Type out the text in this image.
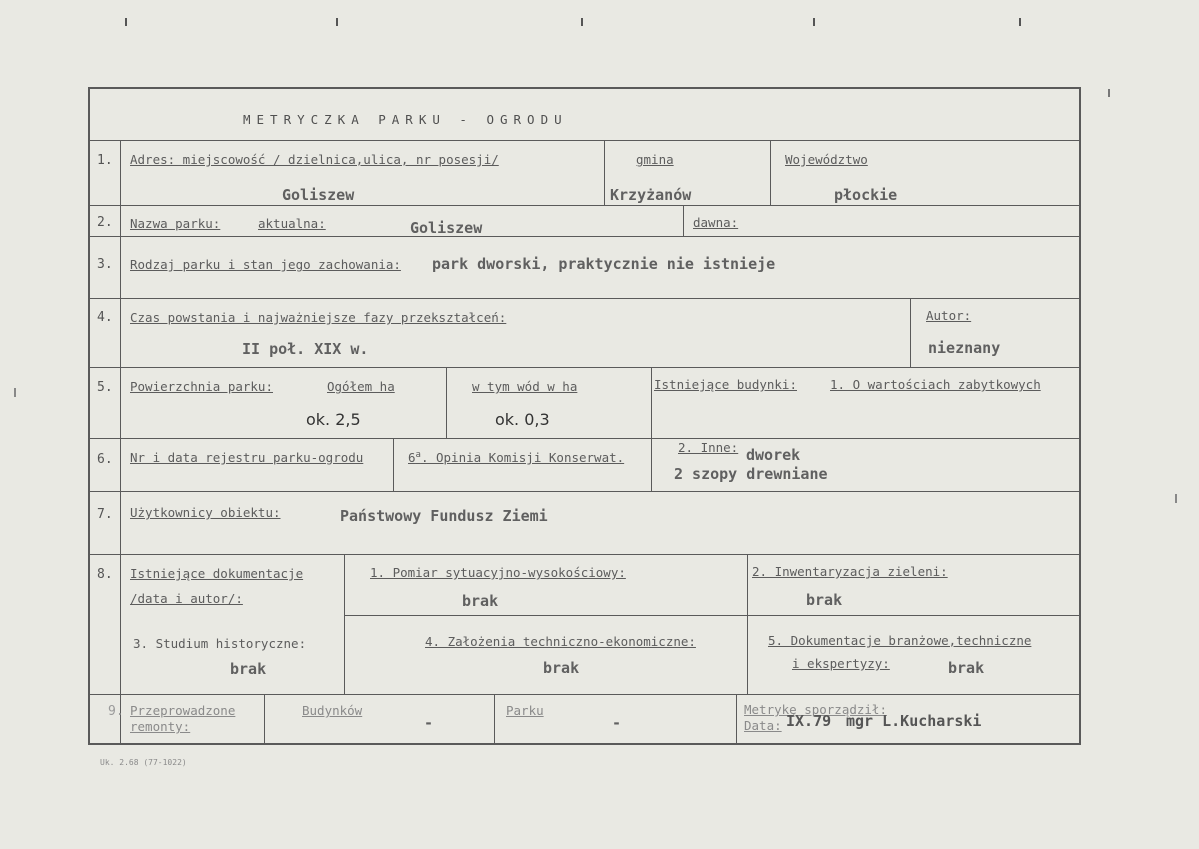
METRYCZKA PARKU - OGRODU
1. Adres: miejscowość / dzielnica,ulica, nr posesji/
Goliszew
gmina
Krzyżanów
Województwo
płockie
2. Nazwa parku:	aktualna:	Goliszew	dawna:
3. Rodzaj parku i stan jego zachowania: park dworski, praktycznie nie istnieje
4. Czas powstania i najważniejsze fazy przekształceń:
II poł. XIX w.
Autor:
nieznany
5. Powierzchnia parku:	Ogółem ha
ok. 2,5
w tym wód w ha
ok. 0,3
Istniejące budynki:	1. O wartościach zabytkowych
6. Nr i data rejestru parku-ogrodu	6$^a$. Opinia Komisji Konserwat.
2. Inne: dworek
2 szopy drewniane
7. Użytkownicy obiektu:	Państwowy Fundusz Ziemi
8. Istniejące dokumentacje
/data i autor/:
1. Pomiar sytuacyjno-wysokościowy:
brak
2. Inwentaryzacja zieleni:
brak
3. Studium historyczne:
brak
4. Założenia techniczno-ekonomiczne:
brak
5. Dokumentacje branżowe,techniczne
i ekspertyzy:	brak
9. Przeprowadzone
remonty:
Budynków
-
Parku
-
Metrykę sporządził:
Data: IX.79 mgr L.Kucharski
Uk. 2.68 (77-1022)
